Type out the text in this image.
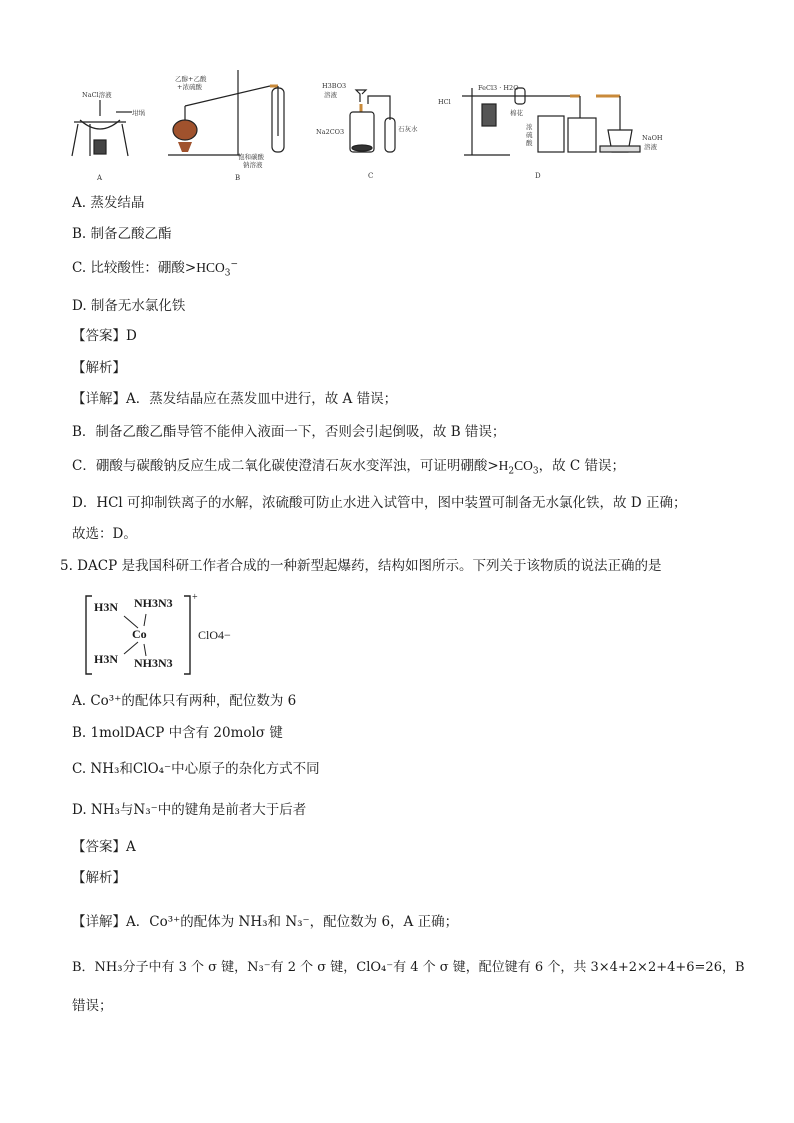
NaCl溶液
坩埚
A
乙醇+乙酸
+浓硫酸
饱和碳酸
钠溶液
B
H3BO3
溶液
Na2CO3	石灰水
C
HCl
FeCl3 · H2O
棉花
浓
硫
酸
NaOH
溶液
D
A. 蒸发结晶
B. 制备乙酸乙酯
C. 比较酸性：硼酸$>HCO_3^-$
D. 制备无水氯化铁
【答案】D
【解析】
【详解】A．蒸发结晶应在蒸发皿中进行，故 A 错误；
B．制备乙酸乙酯导管不能伸入液面一下，否则会引起倒吸，故 B 错误；
C．硼酸与碳酸钠反应生成二氧化碳使澄清石灰水变浑浊，可证明硼酸$>H_2CO_3$，故 C 错误；
D．HCl 可抑制铁离子的水解，浓硫酸可防止水进入试管中，图中装置可制备无水氯化铁，故 D 正确；
故选：D。
5. DACP 是我国科研工作者合成的一种新型起爆药，结构如图所示。下列关于该物质的说法正确的是
H3N NH3N3
Co
H3N NH3N3
+
ClO4−
A. Co³⁺的配体只有两种，配位数为 6
B. 1molDACP 中含有 20molσ 键
C. NH₃和ClO₄⁻中心原子的杂化方式不同
D. NH₃与N₃⁻中的键角是前者大于后者
【答案】A
【解析】
【详解】A．Co³⁺的配体为 NH₃和 N₃⁻，配位数为 6，A 正确；
B．NH₃分子中有 3 个 σ 键，N₃⁻有 2 个 σ 键，ClO₄⁻有 4 个 σ 键，配位键有 6 个，共 3×4+2×2+4+6=26，B
错误；
